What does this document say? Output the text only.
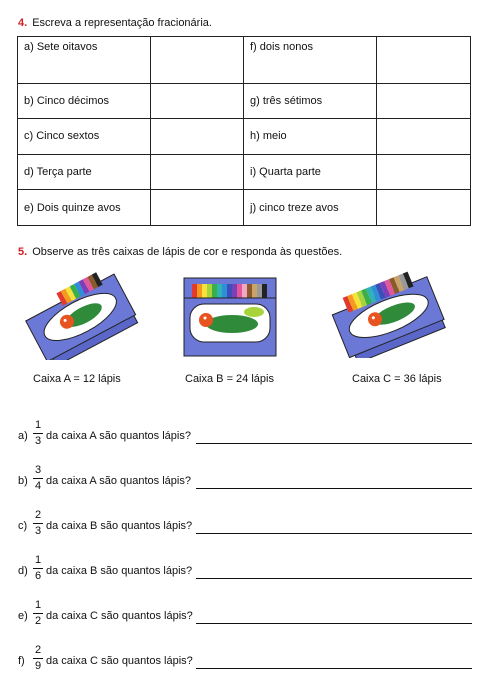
4. Escreva a representação fracionária.
a) Sete oitavos		f) dois nonos	
b) Cinco décimos		g) três sétimos	
c) Cinco sextos		h) meio	
d) Terça parte		i) Quarta parte	
e) Dois quinze avos		j) cinco treze avos	
5. Observe as três caixas de lápis de cor e responda às questões.
Caixa A = 12 lápis	Caixa B = 24 lápis	Caixa C = 36 lápis
a)
1
3 da caixa A são quantos lápis?
b)
3
4 da caixa A são quantos lápis?
c)
2
3 da caixa B são quantos lápis?
d)
1
6 da caixa B são quantos lápis?
e)
1
2 da caixa C são quantos lápis?
f)
2
9 da caixa C são quantos lápis?
